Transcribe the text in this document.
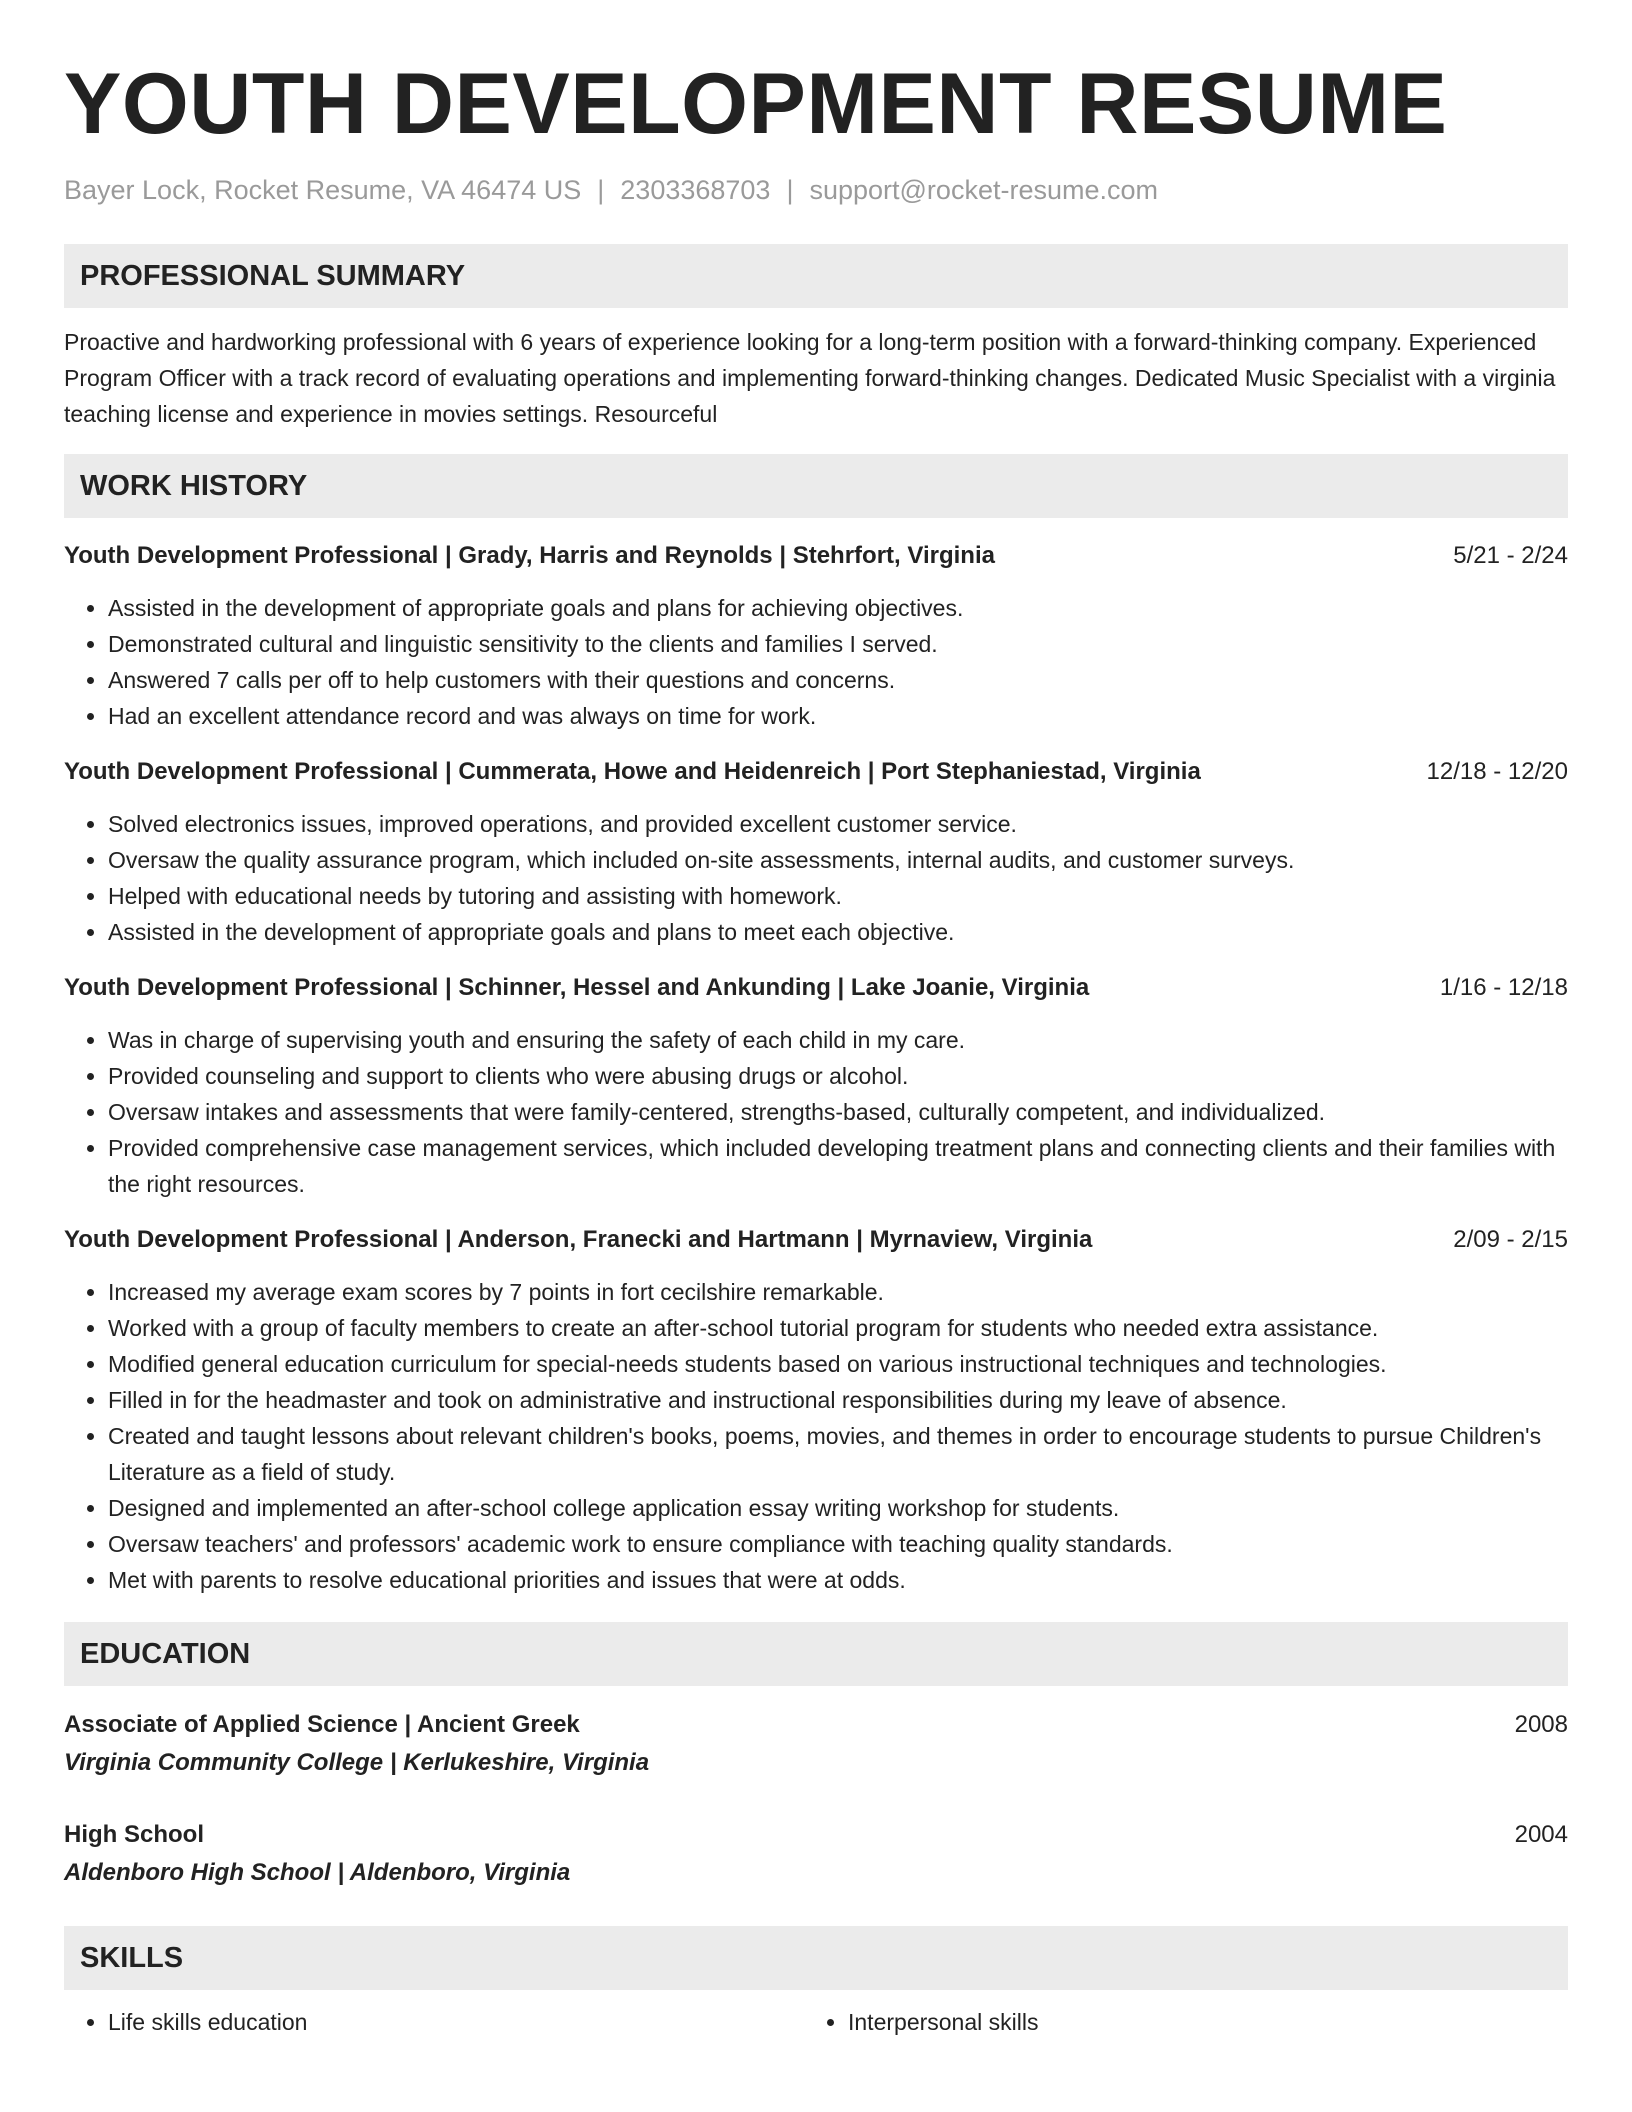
YOUTH DEVELOPMENT RESUME
Bayer Lock, Rocket Resume, VA 46474 US | 2303368703 | support@rocket-resume.com
PROFESSIONAL SUMMARY

Proactive and hardworking professional with 6 years of experience looking for a long-term position with a forward-thinking company. Experienced Program Officer with a track record of evaluating operations and implementing forward-thinking changes. Dedicated Music Specialist with a virginia teaching license and experience in movies settings. Resourceful

WORK HISTORY
Youth Development Professional | Grady, Harris and Reynolds | Stehrfort, Virginia	5/21 - 2/24
• Assisted in the development of appropriate goals and plans for achieving objectives.
• Demonstrated cultural and linguistic sensitivity to the clients and families I served.
• Answered 7 calls per off to help customers with their questions and concerns.
• Had an excellent attendance record and was always on time for work.
Youth Development Professional | Cummerata, Howe and Heidenreich | Port Stephaniestad, Virginia	12/18 - 12/20
• Solved electronics issues, improved operations, and provided excellent customer service.
• Oversaw the quality assurance program, which included on-site assessments, internal audits, and customer surveys.
• Helped with educational needs by tutoring and assisting with homework.
• Assisted in the development of appropriate goals and plans to meet each objective.
Youth Development Professional | Schinner, Hessel and Ankunding | Lake Joanie, Virginia	1/16 - 12/18
• Was in charge of supervising youth and ensuring the safety of each child in my care.
• Provided counseling and support to clients who were abusing drugs or alcohol.
• Oversaw intakes and assessments that were family-centered, strengths-based, culturally competent, and individualized.
• Provided comprehensive case management services, which included developing treatment plans and connecting clients and their families with the right resources.
Youth Development Professional | Anderson, Franecki and Hartmann | Myrnaview, Virginia	2/09 - 2/15
• Increased my average exam scores by 7 points in fort cecilshire remarkable.
• Worked with a group of faculty members to create an after-school tutorial program for students who needed extra assistance.
• Modified general education curriculum for special-needs students based on various instructional techniques and technologies.
• Filled in for the headmaster and took on administrative and instructional responsibilities during my leave of absence.
• Created and taught lessons about relevant children's books, poems, movies, and themes in order to encourage students to pursue Children's Literature as a field of study.
• Designed and implemented an after-school college application essay writing workshop for students.
• Oversaw teachers' and professors' academic work to ensure compliance with teaching quality standards.
• Met with parents to resolve educational priorities and issues that were at odds.
EDUCATION
Associate of Applied Science | Ancient Greek	2008
Virginia Community College | Kerlukeshire, Virginia
High School	2004
Aldenboro High School | Aldenboro, Virginia
SKILLS
• Life skills education
•	Interpersonal skills
